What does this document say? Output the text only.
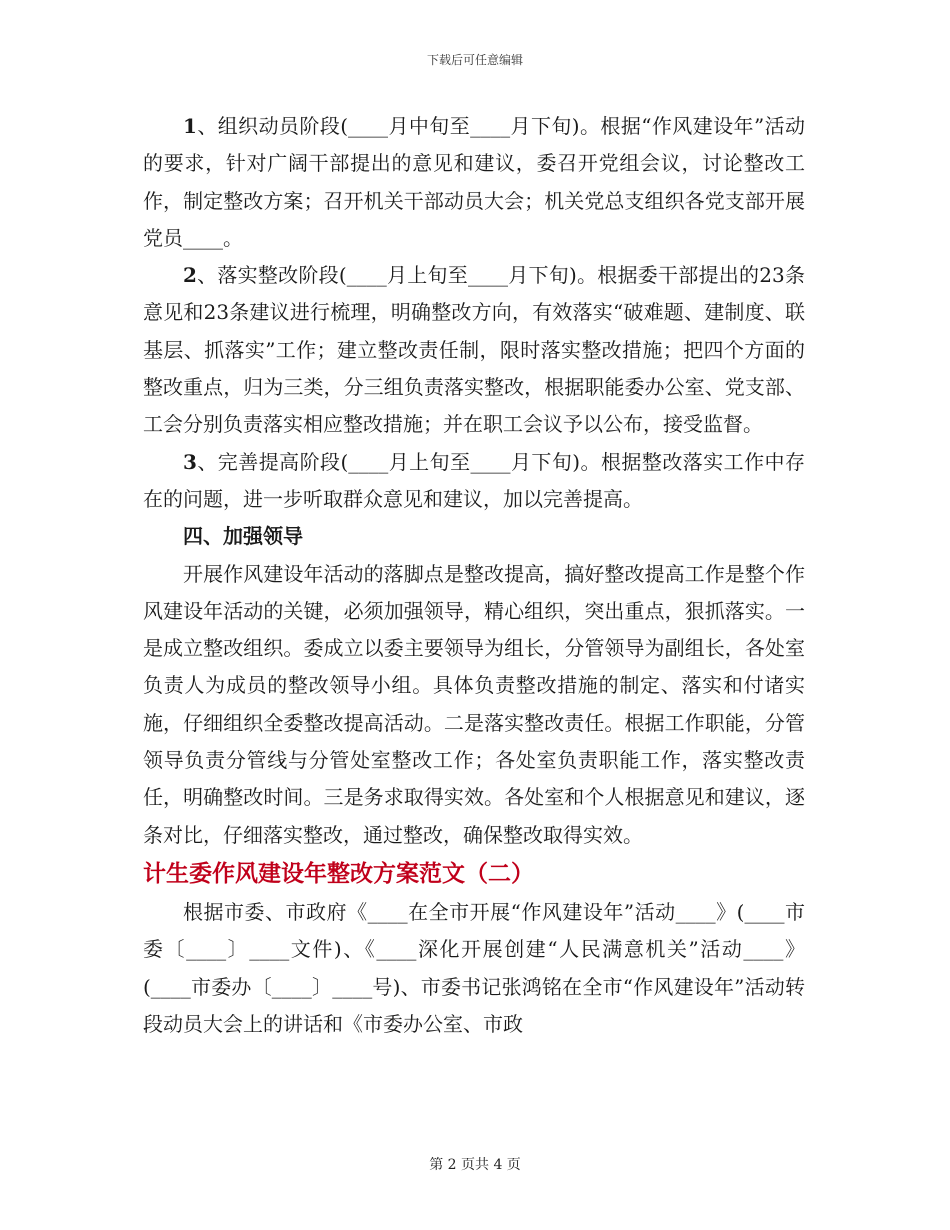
下载后可任意编辑

1、组织动员阶段(____月中旬至____月下旬)。根据“作风建设年”活动的要求，针对广阔干部提出的意见和建议，委召开党组会议，讨论整改工作，制定整改方案；召开机关干部动员大会；机关党总支组织各党支部开展党员____。

2、落实整改阶段(____月上旬至____月下旬)。根据委干部提出的23条意见和23条建议进行梳理，明确整改方向，有效落实“破难题、建制度、联基层、抓落实”工作；建立整改责任制，限时落实整改措施；把四个方面的整改重点，归为三类，分三组负责落实整改，根据职能委办公室、党支部、工会分别负责落实相应整改措施；并在职工会议予以公布，接受监督。

3、完善提高阶段(____月上旬至____月下旬)。根据整改落实工作中存在的问题，进一步听取群众意见和建议，加以完善提高。

四、加强领导

开展作风建设年活动的落脚点是整改提高，搞好整改提高工作是整个作风建设年活动的关键，必须加强领导，精心组织，突出重点，狠抓落实。一是成立整改组织。委成立以委主要领导为组长，分管领导为副组长，各处室负责人为成员的整改领导小组。具体负责整改措施的制定、落实和付诸实施，仔细组织全委整改提高活动。二是落实整改责任。根据工作职能，分管领导负责分管线与分管处室整改工作；各处室负责职能工作，落实整改责任，明确整改时间。三是务求取得实效。各处室和个人根据意见和建议，逐条对比，仔细落实整改，通过整改，确保整改取得实效。

计生委作风建设年整改方案范文（二）

根据市委、市政府《____在全市开展“作风建设年”活动____》(____市委〔____〕____文件)、《____深化开展创建“人民满意机关”活动____》(____市委办〔____〕____号)、市委书记张鸿铭在全市“作风建设年”活动转段动员大会上的讲话和《市委办公室、市政

第 2 页共 4 页
